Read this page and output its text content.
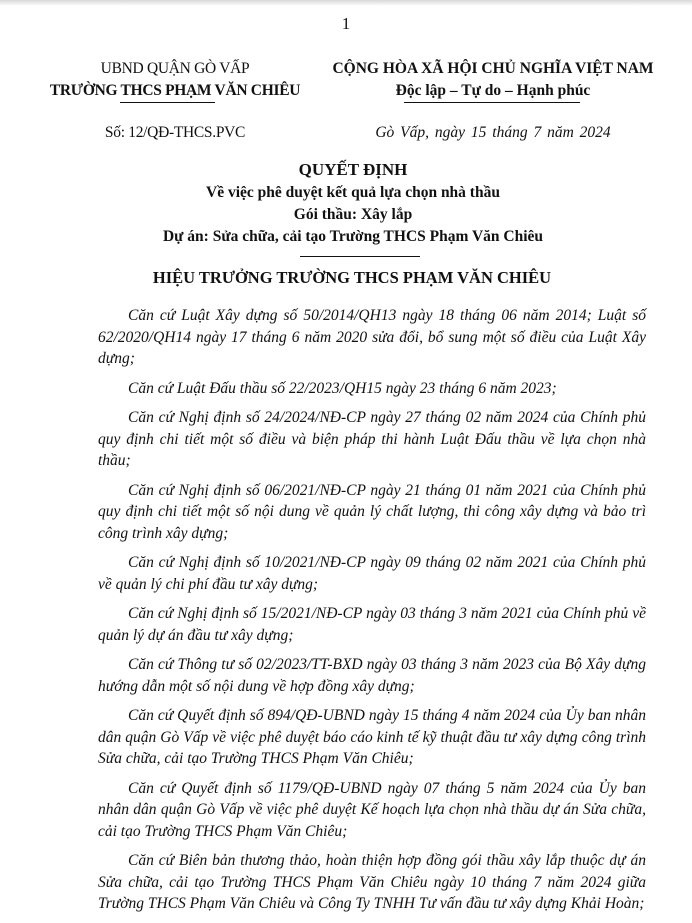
1
UBND QUẬN GÒ VẤP
TRƯỜNG THCS PHẠM VĂN CHIÊU
CỘNG HÒA XÃ HỘI CHỦ NGHĨA VIỆT NAM
Độc lập – Tự do – Hạnh phúc
Số: 12/QĐ-THCS.PVC	Gò Vấp, ngày 15 tháng 7 năm 2024
QUYẾT ĐỊNH
Về việc phê duyệt kết quả lựa chọn nhà thầu
Gói thầu: Xây lắp
Dự án: Sửa chữa, cải tạo Trường THCS Phạm Văn Chiêu
HIỆU TRƯỞNG TRƯỜNG THCS PHẠM VĂN CHIÊU

Căn cứ Luật Xây dựng số 50/2014/QH13 ngày 18 tháng 06 năm 2014; Luật số 62/2020/QH14 ngày 17 tháng 6 năm 2020 sửa đổi, bổ sung một số điều của Luật Xây dựng;

Căn cứ Luật Đấu thầu số 22/2023/QH15 ngày 23 tháng 6 năm 2023;

Căn cứ Nghị định số 24/2024/NĐ-CP ngày 27 tháng 02 năm 2024 của Chính phủ quy định chi tiết một số điều và biện pháp thi hành Luật Đấu thầu về lựa chọn nhà thầu;

Căn cứ Nghị định số 06/2021/NĐ-CP ngày 21 tháng 01 năm 2021 của Chính phủ quy định chi tiết một số nội dung về quản lý chất lượng, thi công xây dựng và bảo trì công trình xây dựng;

Căn cứ Nghị định số 10/2021/NĐ-CP ngày 09 tháng 02 năm 2021 của Chính phủ về quản lý chi phí đầu tư xây dựng;

Căn cứ Nghị định số 15/2021/NĐ-CP ngày 03 tháng 3 năm 2021 của Chính phủ về quản lý dự án đầu tư xây dựng;

Căn cứ Thông tư số 02/2023/TT-BXD ngày 03 tháng 3 năm 2023 của Bộ Xây dựng hướng dẫn một số nội dung về hợp đồng xây dựng;

Căn cứ Quyết định số 894/QĐ-UBND ngày 15 tháng 4 năm 2024 của Ủy ban nhân dân quận Gò Vấp về việc phê duyệt báo cáo kinh tế kỹ thuật đầu tư xây dựng công trình Sửa chữa, cải tạo Trường THCS Phạm Văn Chiêu;

Căn cứ Quyết định số 1179/QĐ-UBND ngày 07 tháng 5 năm 2024 của Ủy ban nhân dân quận Gò Vấp về việc phê duyệt Kế hoạch lựa chọn nhà thầu dự án Sửa chữa, cải tạo Trường THCS Phạm Văn Chiêu;

Căn cứ Biên bản thương thảo, hoàn thiện hợp đồng gói thầu xây lắp thuộc dự án Sửa chữa, cải tạo Trường THCS Phạm Văn Chiêu ngày 10 tháng 7 năm 2024 giữa Trường THCS Phạm Văn Chiêu và Công Ty TNHH Tư vấn đầu tư xây dựng Khải Hoàn;
